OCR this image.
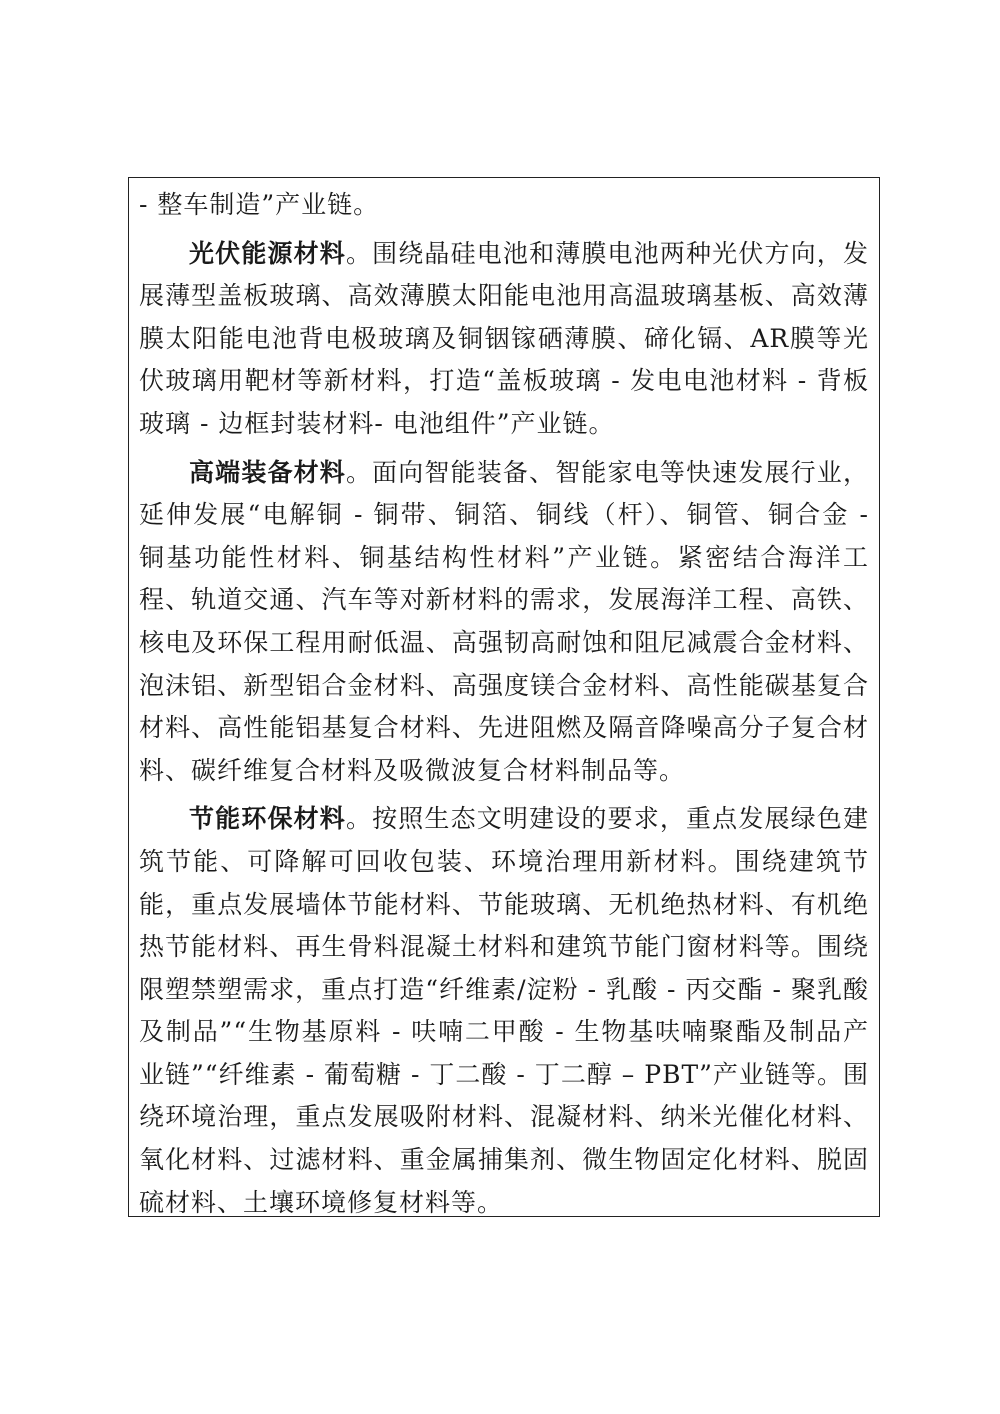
- 整车制造”产业链。

光伏能源材料。围绕晶硅电池和薄膜电池两种光伏方向，发展薄型盖板玻璃、高效薄膜太阳能电池用高温玻璃基板、高效薄膜太阳能电池背电极玻璃及铜铟镓硒薄膜、碲化镉、AR膜等光伏玻璃用靶材等新材料，打造“盖板玻璃 - 发电电池材料 - 背板玻璃 - 边框封装材料- 电池组件”产业链。

高端装备材料。面向智能装备、智能家电等快速发展行业，延伸发展“电解铜 - 铜带、铜箔、铜线（杆）、铜管、铜合金 - 铜基功能性材料、铜基结构性材料”产业链。紧密结合海洋工程、轨道交通、汽车等对新材料的需求，发展海洋工程、高铁、核电及环保工程用耐低温、高强韧高耐蚀和阻尼减震合金材料、泡沫铝、新型铝合金材料、高强度镁合金材料、高性能碳基复合材料、高性能铝基复合材料、先进阻燃及隔音降噪高分子复合材料、碳纤维复合材料及吸微波复合材料制品等。

节能环保材料。按照生态文明建设的要求，重点发展绿色建筑节能、可降解可回收包装、环境治理用新材料。围绕建筑节能，重点发展墙体节能材料、节能玻璃、无机绝热材料、有机绝热节能材料、再生骨料混凝土材料和建筑节能门窗材料等。围绕限塑禁塑需求，重点打造“纤维素/淀粉 - 乳酸 - 丙交酯 - 聚乳酸及制品”“生物基原料 - 呋喃二甲酸 - 生物基呋喃聚酯及制品产业链”“纤维素 - 葡萄糖 - 丁二酸 - 丁二醇 – PBT”产业链等。围绕环境治理，重点发展吸附材料、混凝材料、纳米光催化材料、氧化材料、过滤材料、重金属捕集剂、微生物固定化材料、脱固硫材料、土壤环境修复材料等。
